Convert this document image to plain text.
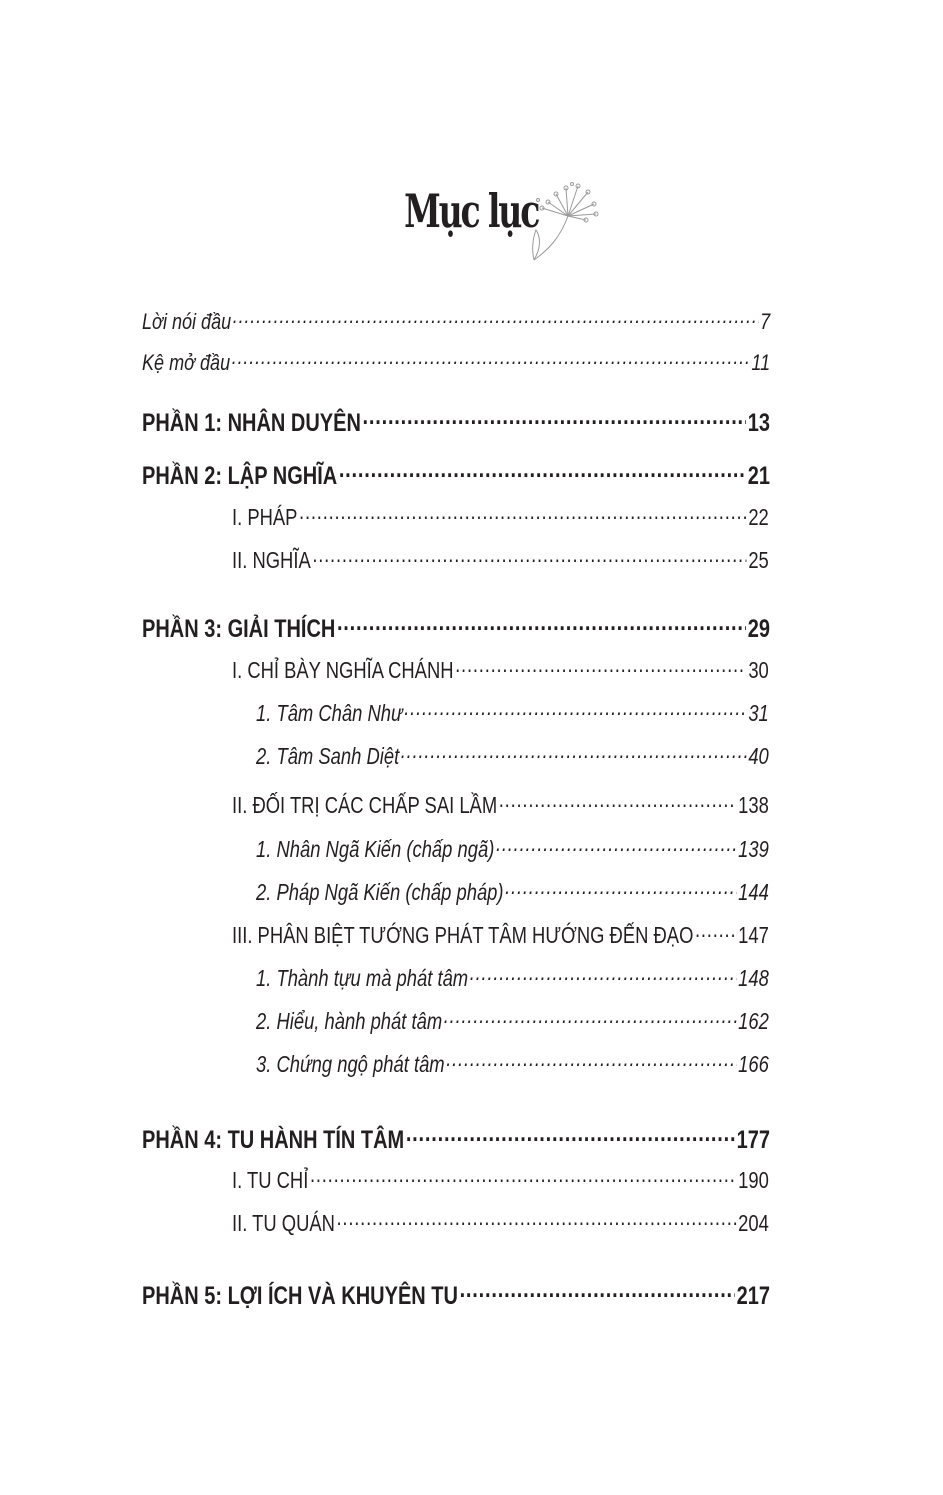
Mục lục
Lời nói đầu .....	7
Kệ mở đầu .....	11
PHẦN 1: NHÂN DUYÊN .....	13
PHẦN 2: LẬP NGHĨA .....	21
I. PHÁP .....	22
II. NGHĨA .....	25
PHẦN 3: GIẢI THÍCH .....	29
I. CHỈ BÀY NGHĨA CHÁNH .....	30
1. Tâm Chân Như .....	31
2. Tâm Sanh Diệt .....	40
II. ĐỐI TRỊ CÁC CHẤP SAI LẦM .....	138
1. Nhân Ngã Kiến (chấp ngã) .....	139
2. Pháp Ngã Kiến (chấp pháp) .....	144
III. PHÂN BIỆT TƯỚNG PHÁT TÂM HƯỚNG ĐẾN ĐẠO ..... 147
1. Thành tựu mà phát tâm .....	148
2. Hiểu, hành phát tâm .....	162
3. Chứng ngộ phát tâm .....	166
PHẦN 4: TU HÀNH TÍN TÂM .....	177
I. TU CHỈ .....	190
II. TU QUÁN .....	204
PHẦN 5: LỢI ÍCH VÀ KHUYÊN TU .....	217
